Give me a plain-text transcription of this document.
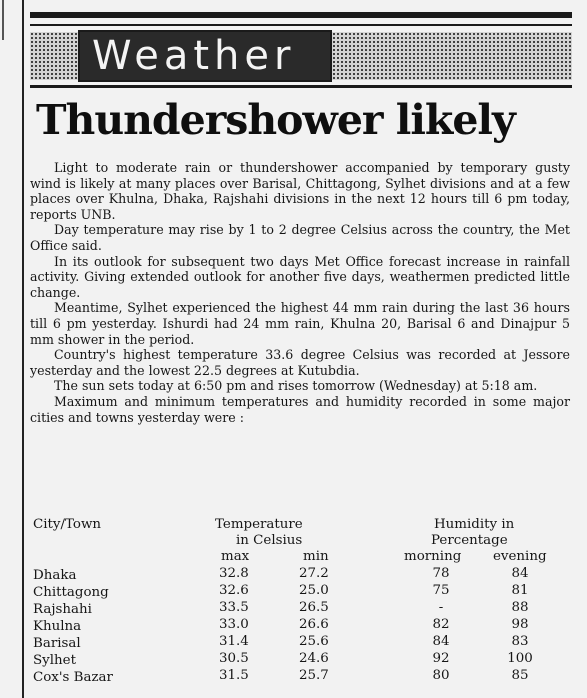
Weather
Thundershower likely

Light to moderate rain or thundershower accompanied by temporary gusty wind is likely at many places over Barisal, Chittagong, Sylhet divisions and at a few places over Khulna, Dhaka, Rajshahi divisions in the next 12 hours till 6 pm today, reports UNB.

Day temperature may rise by 1 to 2 degree Celsius across the country, the Met Office said.

In its outlook for subsequent two days Met Office forecast increase in rainfall activity. Giving extended outlook for another five days, weathermen predicted little change.

Meantime, Sylhet experienced the highest 44 mm rain during the last 36 hours till 6 pm yesterday. Ishurdi had 24 mm rain, Khulna 20, Barisal 6 and Dinajpur 5 mm shower in the period.

Country's highest temperature 33.6 degree Celsius was recorded at Jessore yesterday and the lowest 22.5 degrees at Kutubdia.

The sun sets today at 6:50 pm and rises tomorrow (Wednesday) at 5:18 am.

Maximum and minimum temperatures and humidity recorded in some major cities and towns yesterday were :

City/Town	Temperature
in Celsius
Humidity in
Percentage
max	min	morning evening
Dhaka	32.8	27.2	78	84
Chittagong	32.6	25.0	75	81
Rajshahi	33.5	26.5	-	88
Khulna	33.0	26.6	82	98
Barisal	31.4	25.6	84	83
Sylhet	30.5	24.6	92	100
Cox's Bazar	31.5	25.7	80	85
